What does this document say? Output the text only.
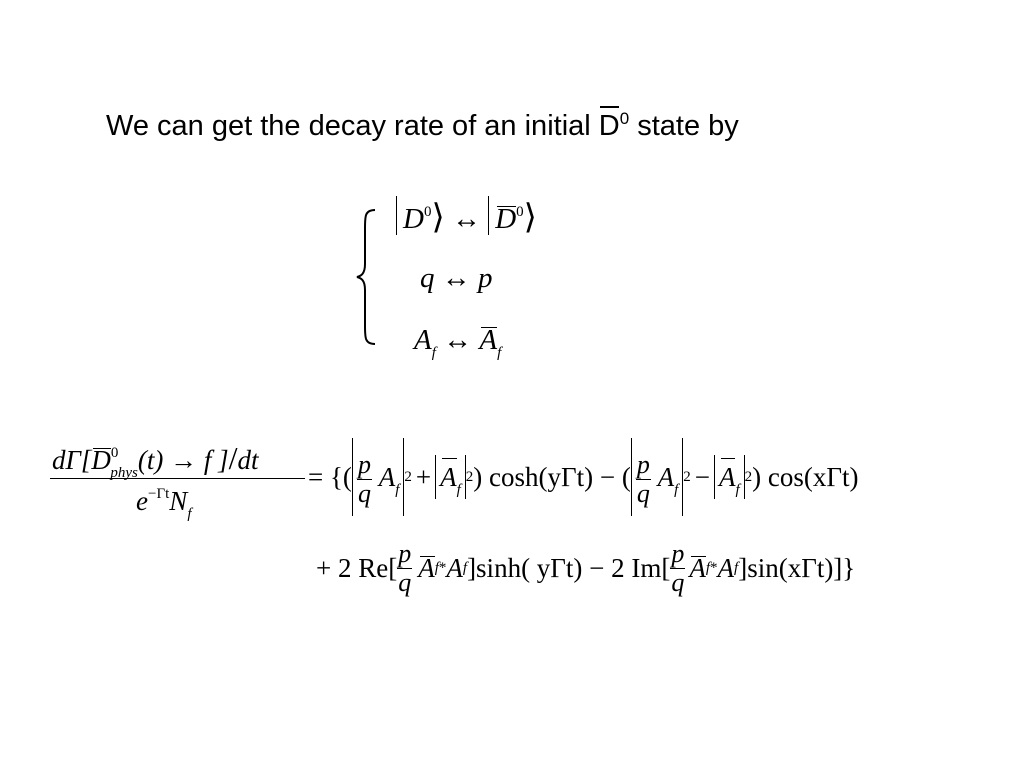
We can get the decay rate of an initial $D^0$ state by
$D^0⟩$ ↔ $D^0⟩$
q ↔ p
$A_f$ ↔ $A_f$
$d\Gamma[D^0_{phys}(t) \to f$ ]/dt
$e^{-\Gamma t}N_f$
= {( $\frac{p}{q} A_f$
$2 + A_f$
2 ) cosh(yΓt) − ( $\frac{p}{q} A_f$
$2 - A_f$
2 ) cos(xΓt)
+ 2 $Re[ \frac{p}{q}$ A f * A f ]sinh( yΓt) − 2 $Im[ \frac{p}{q}$ A f * A f ]sin(xΓt)]}
